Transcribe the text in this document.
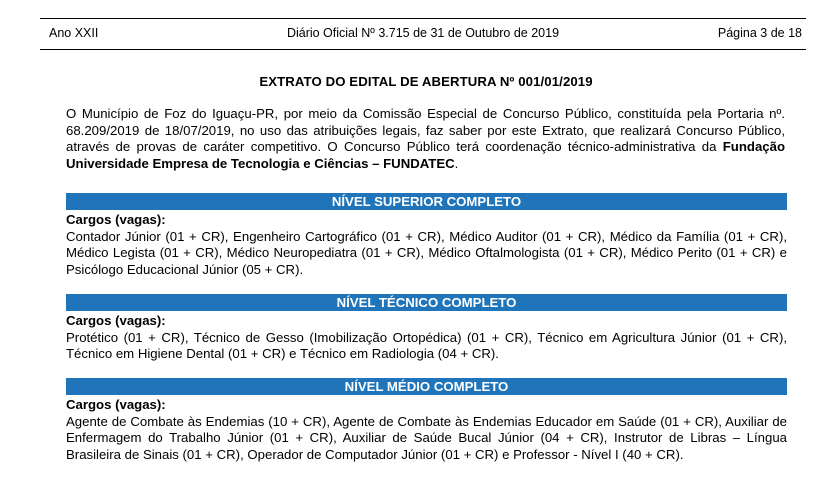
Ano XXII	Diário Oficial Nº 3.715 de 31 de Outubro de 2019	Página 3 de 18
EXTRATO DO EDITAL DE ABERTURA Nº 001/01/2019
O Município de Foz do Iguaçu-PR, por meio da Comissão Especial de Concurso Público, constituída pela Portaria nº. 68.209/2019 de 18/07/2019, no uso das atribuições legais, faz saber por este Extrato, que realizará Concurso Público, através de provas de caráter competitivo. O Concurso Público terá coordenação técnico-administrativa da Fundação Universidade Empresa de Tecnologia e Ciências – FUNDATEC.
NÍVEL SUPERIOR COMPLETO
Cargos (vagas):
Contador Júnior (01 + CR), Engenheiro Cartográfico (01 + CR), Médico Auditor (01 + CR), Médico da Família (01 + CR), Médico Legista (01 + CR), Médico Neuropediatra (01 + CR), Médico Oftalmologista (01 + CR), Médico Perito (01 + CR) e Psicólogo Educacional Júnior (05 + CR).
NÍVEL TÉCNICO COMPLETO
Cargos (vagas):
Protético (01 + CR), Técnico de Gesso (Imobilização Ortopédica) (01 + CR), Técnico em Agricultura Júnior (01 + CR), Técnico em Higiene Dental (01 + CR) e Técnico em Radiologia (04 + CR).
NÍVEL MÉDIO COMPLETO
Cargos (vagas):
Agente de Combate às Endemias (10 + CR), Agente de Combate às Endemias Educador em Saúde (01 + CR), Auxiliar de Enfermagem do Trabalho Júnior (01 + CR), Auxiliar de Saúde Bucal Júnior (04 + CR), Instrutor de Libras – Língua Brasileira de Sinais (01 + CR), Operador de Computador Júnior (01 + CR) e Professor - Nível I (40 + CR).
